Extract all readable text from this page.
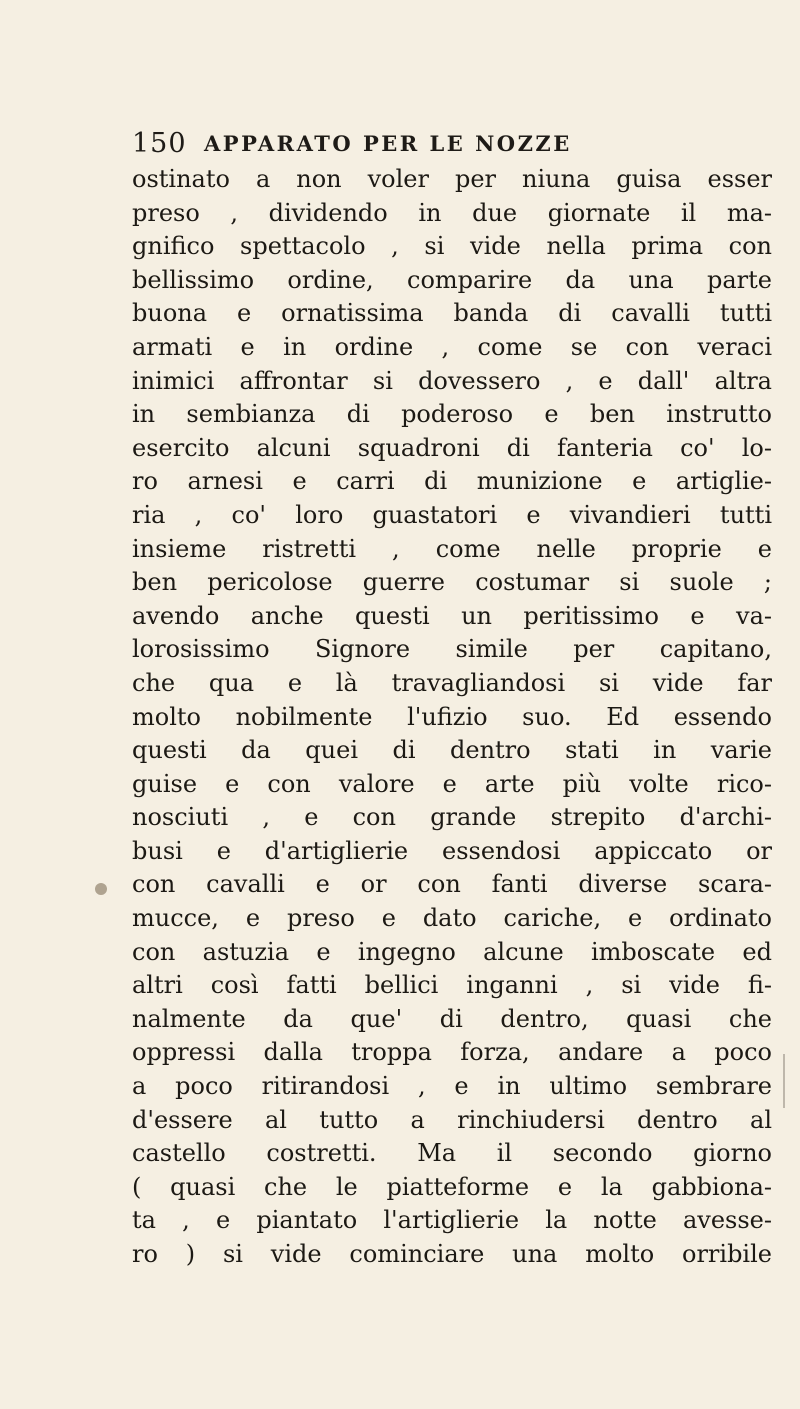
150 APPARATO PER LE NOZZE
ostinato a non voler per niuna guisa esser
preso , dividendo in due giornate il ma-
gnifico spettacolo , si vide nella prima con
bellissimo ordine, comparire da una parte
buona e ornatissima banda di cavalli tutti
armati e in ordine , come se con veraci
inimici affrontar si dovessero , e dall' altra
in sembianza di poderoso e ben instrutto
esercito alcuni squadroni di fanteria co' lo-
ro arnesi e carri di munizione e artiglie-
ria , co' loro guastatori e vivandieri tutti
insieme ristretti , come nelle proprie e
ben pericolose guerre costumar si suole ;
avendo anche questi un peritissimo e va-
lorosissimo Signore simile per capitano,
che qua e là travagliandosi si vide far
molto nobilmente l'ufizio suo. Ed essendo
questi da quei di dentro stati in varie
guise e con valore e arte più volte rico-
nosciuti , e con grande strepito d'archi-
busi e d'artiglierie essendosi appiccato or
con cavalli e or con fanti diverse scara-
mucce, e preso e dato cariche, e ordinato
con astuzia e ingegno alcune imboscate ed
altri così fatti bellici inganni , si vide fi-
nalmente da que' di dentro, quasi che
oppressi dalla troppa forza, andare a poco
a poco ritirandosi , e in ultimo sembrare
d'essere al tutto a rinchiudersi dentro al
castello costretti. Ma il secondo giorno
( quasi che le piatteforme e la gabbiona-
ta , e piantato l'artiglierie la notte avesse-
ro ) si vide cominciare una molto orribile
